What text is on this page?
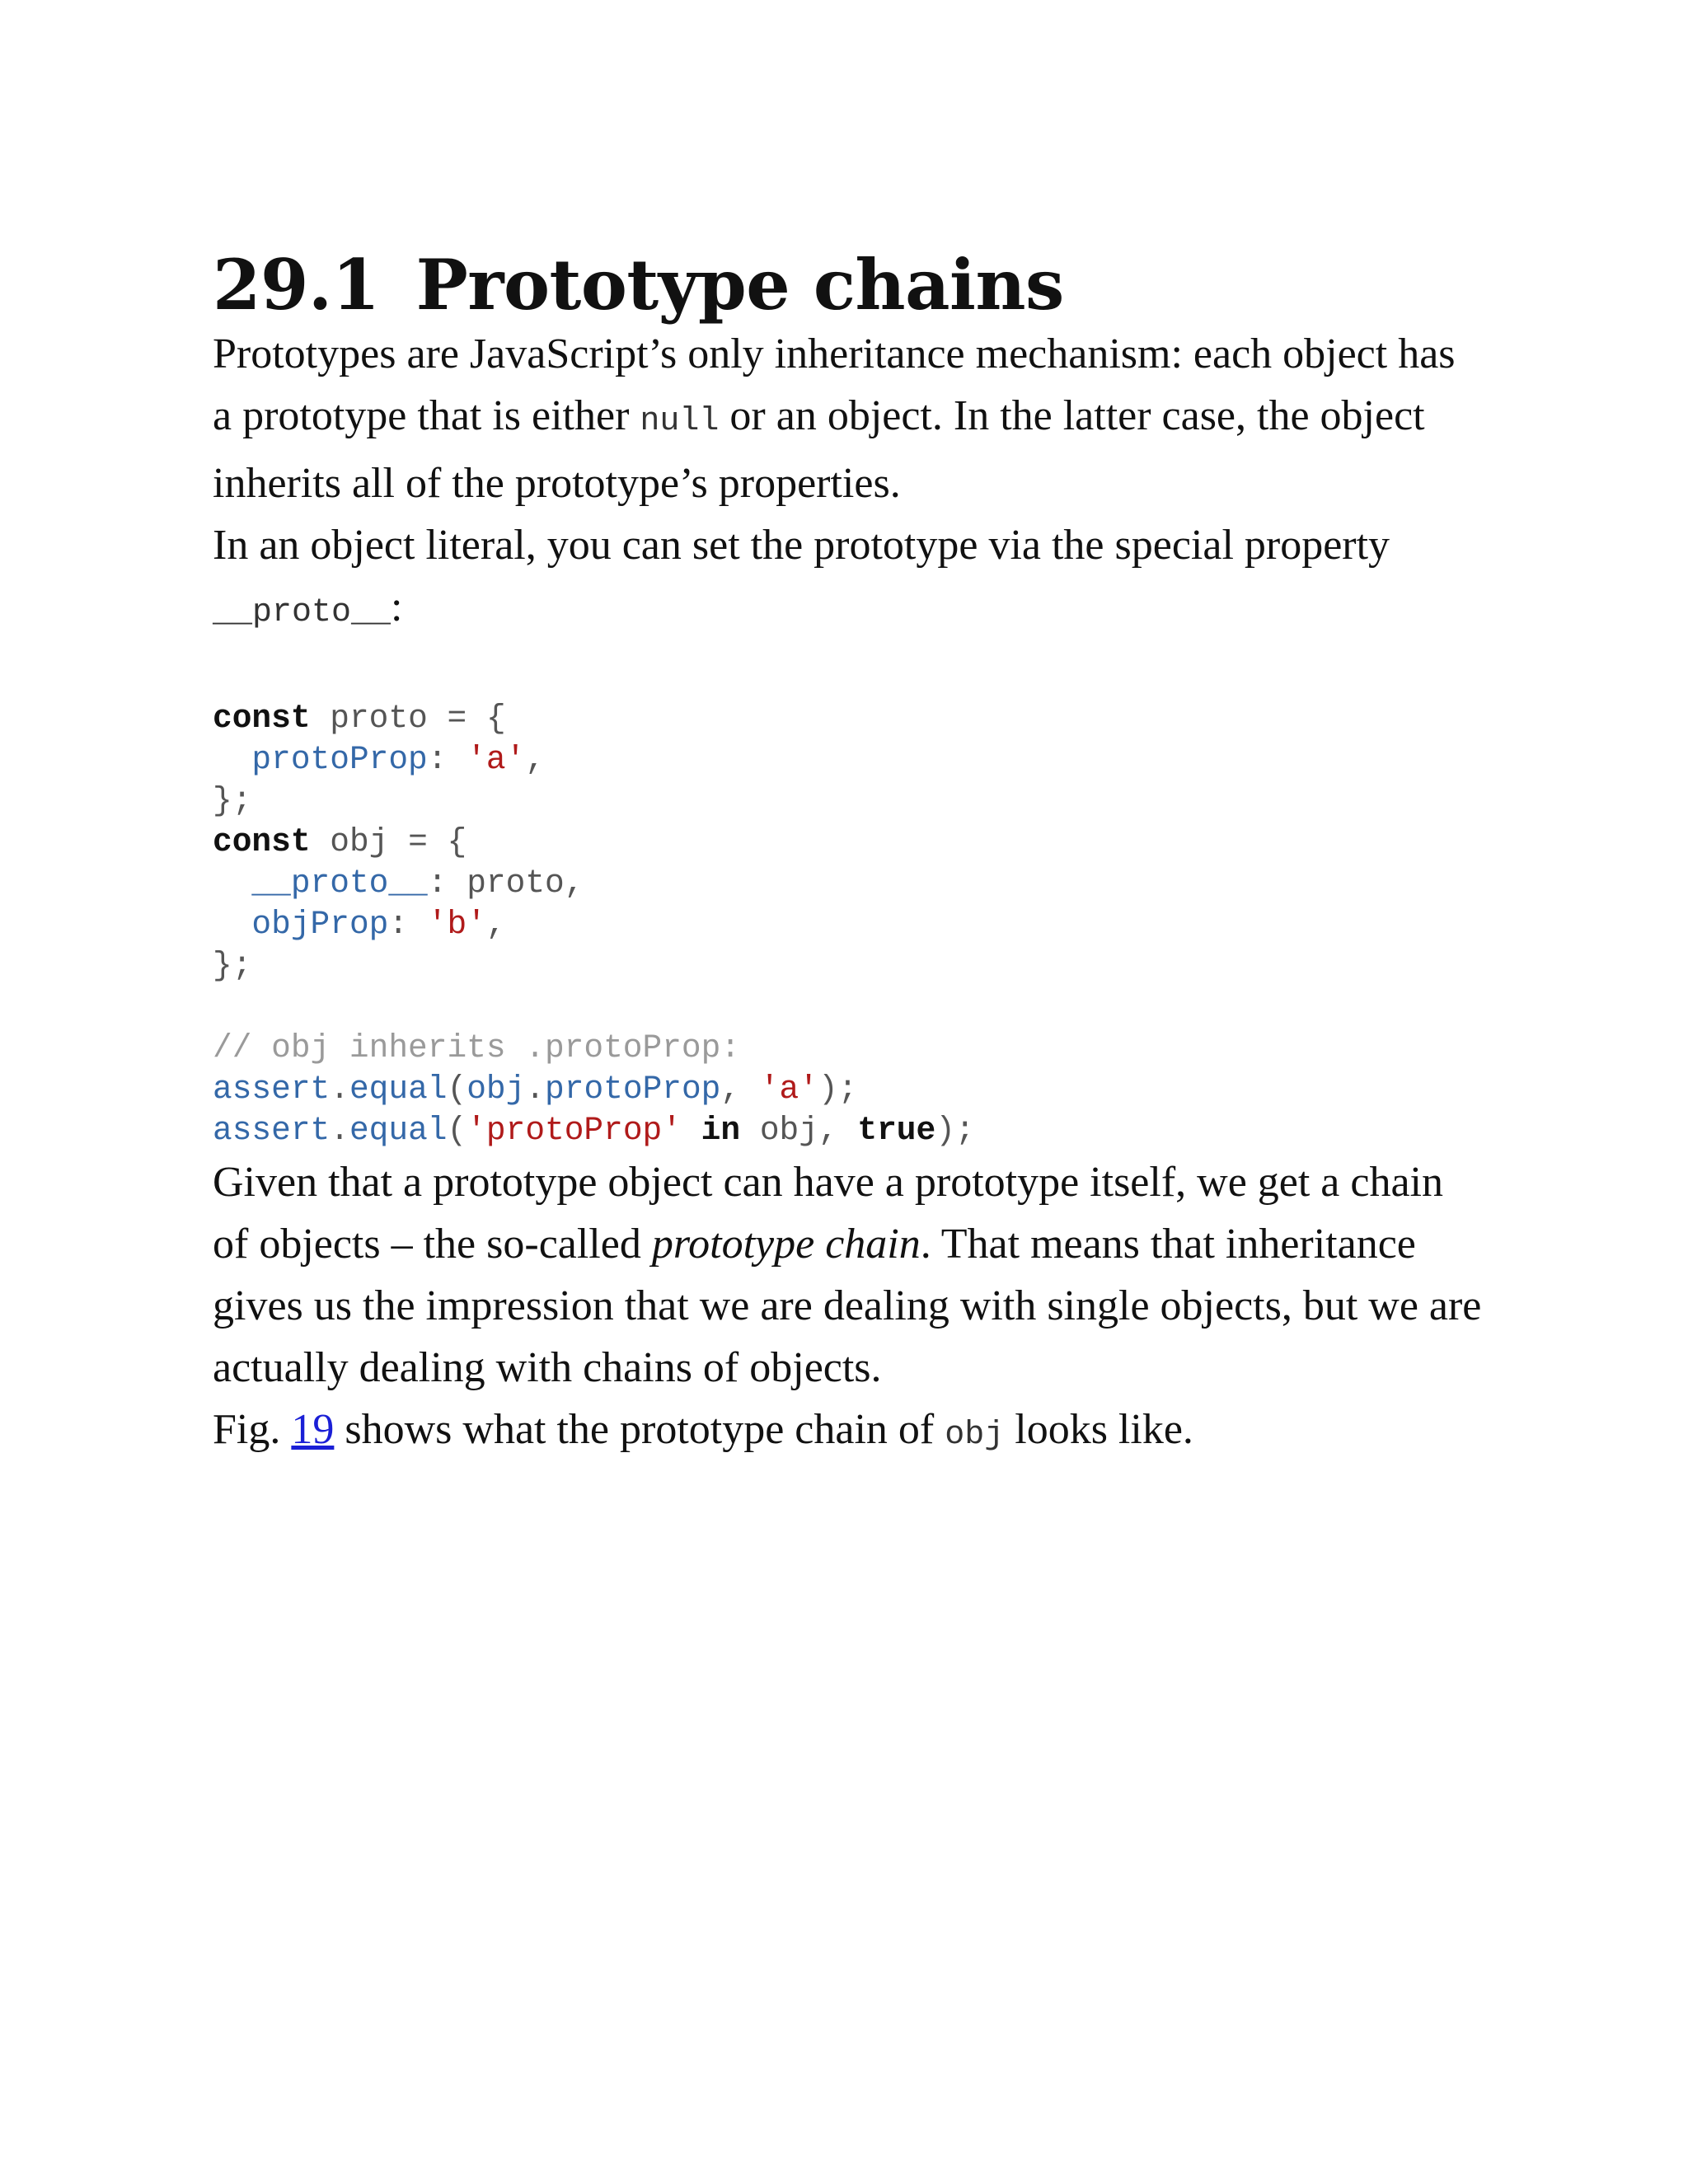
29.1 Prototype chains

Prototypes are JavaScript’s only inheritance mechanism: each object has a prototype that is either null or an object. In the latter case, the object inherits all of the prototype’s properties.

In an object literal, you can set the prototype via the special property __proto__:

const proto = {
protoProp: 'a',
};
const obj = {
__proto__: proto,
objProp: 'b',
};

// obj inherits .protoProp:
assert.equal(obj.protoProp, 'a');
assert.equal('protoProp' in obj, true);

Given that a prototype object can have a prototype itself, we get a chain of objects – the so-called prototype chain. That means that inheritance gives us the impression that we are dealing with single objects, but we are actually dealing with chains of objects.

Fig. 19 shows what the prototype chain of obj looks like.
